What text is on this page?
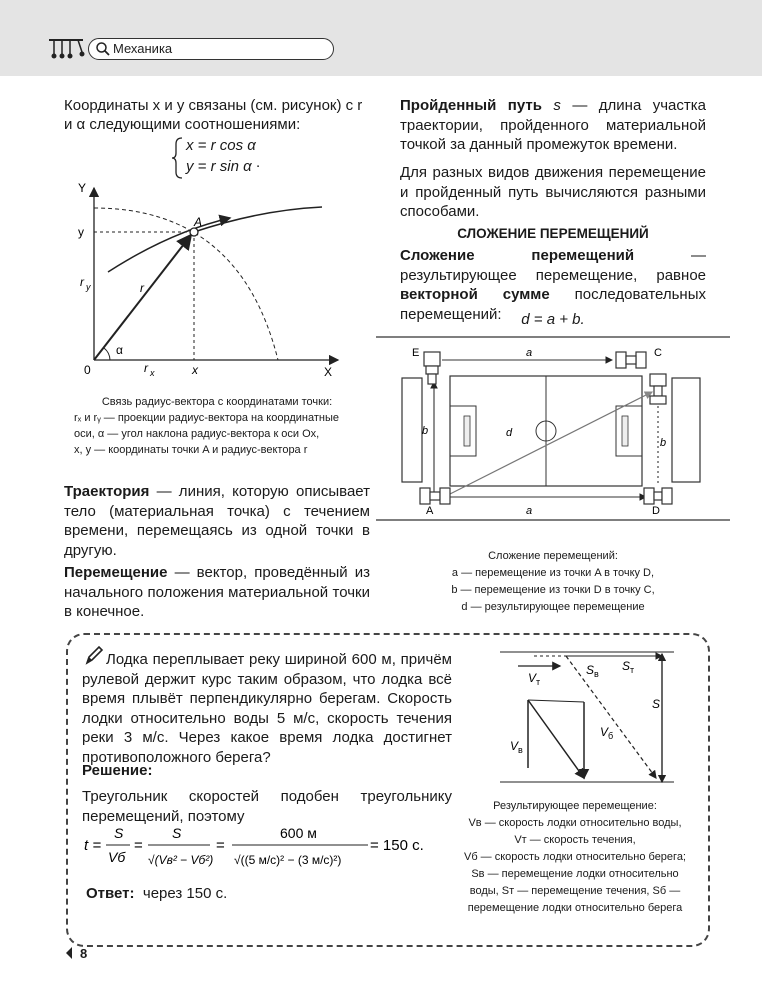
Механика
Координаты x и y связаны (см. рисунок) с r
и α следующими соотношениями:
x = r cos α
y = r sin α .
Y
y
r y	r
A
α
0	r x	x	X
Связь радиус-вектора с координатами точки:
rₓ и rᵧ — проекции радиус-вектора на координатные
оси, α — угол наклона радиус-вектора к оси Ox,
x, y — координаты точки A и радиус-вектора r
Траектория — линия, которую описывает тело (материальная точка) с течением времени, перемещаясь из одной точки в другую.
Перемещение — вектор, проведённый из начального положения материальной точки в конечное.
Пройденный путь s — длина участка траектории, пройденного материальной точкой за данный промежуток времени.
Для разных видов движения перемещение и пройденный путь вычисляются разными способами.
СЛОЖЕНИЕ ПЕРЕМЕЩЕНИЙ
Сложение перемещений — результирующее перемещение, равное векторной сумме последовательных перемещений:	d = a + b.
E	C
A	D
a
a
b
b
d
Сложение перемещений:
a — перемещение из точки A в точку D,
b — перемещение из точки D в точку C,
d — результирующее перемещение
Лодка переплывает реку шириной 600 м, причём рулевой держит курс таким образом, что лодка всё время плывёт перпендикулярно берегам. Скорость лодки относительно воды 5 м/с, скорость течения реки 3 м/с. Через какое время лодка достигнет противоположного берега?
Решение:
Треугольник скоростей подобен треугольнику перемещений, поэтому
t =
S
Vб
=
S
√(Vв² − Vб²)
=
600 м
√((5 м/с)² − (3 м/с)²)
= 150 с.
Ответ: через 150 с.
V т
S в
S т
V в
V б
S
Результирующее перемещение:
Vв — скорость лодки относительно воды,
Vт — скорость течения,
Vб — скорость лодки относительно берега;
Sв — перемещение лодки относительно
воды, Sт — перемещение течения, Sб —
перемещение лодки относительно берега
8
